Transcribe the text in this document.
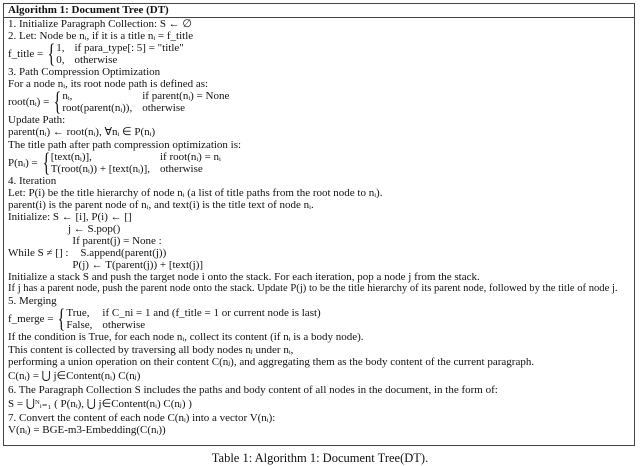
Algorithm 1: Document Tree (DT)
1. Initialize Paragraph Collection: S ← ∅
2. Let: Node be nᵢ, if it is a title nᵢ = f_title
f_title = { 1, if para_type[: 5] = "title"
0, otherwise
3. Path Compression Optimization
For a node nᵢ, its root node path is defined as:
root(nᵢ) = { nᵢ,	if parent(nᵢ) = None
root(parent(nᵢ)), otherwise
Update Path:
parent(nᵢ) ← root(nᵢ), ∀nᵢ ∈ P(nᵢ)
The title path after path compression optimization is:
P(nᵢ) = { [text(nᵢ)],	if root(nᵢ) = nᵢ
T(root(nᵢ)) + [text(nᵢ)], otherwise
4. Iteration
Let: P(i) be the title hierarchy of node nᵢ (a list of title paths from the root node to nᵢ).
parent(i) is the parent node of nᵢ, and text(i) is the title text of node nᵢ.
Initialize: S ← [i], P(i) ← []
j ← S.pop()
While S ≠ [] :
If parent(j) = None :
S.append(parent(j))
P(j) ← T(parent(j)) + [text(j)]
Initialize a stack S and push the target node i onto the stack. For each iteration, pop a node j from the stack.
If j has a parent node, push the parent node onto the stack. Update P(j) to be the title hierarchy of its parent node, followed by the title of node j.
5. Merging
f_merge = { True, if C_ni = 1 and (f_title = 1 or current node is last)
False, otherwise
If the condition is True, for each node nᵢ, collect its content (if nᵢ is a body node).
This content is collected by traversing all body nodes nⱼ under nᵢ,
performing a union operation on their content C(nⱼ), and aggregating them as the body content of the current paragraph.
C(nᵢ) = ⋃ j∈Content(nᵢ) C(nⱼ)
6. The Paragraph Collection S includes the paths and body content of all nodes in the document, in the form of:
S = ⋃ᴺᵢ₌₁ ( P(nᵢ), ⋃ j∈Content(nᵢ) C(nⱼ) )
7. Convert the content of each node C(nᵢ) into a vector V(nᵢ):
V(nᵢ) = BGE-m3-Embedding(C(nᵢ))
Table 1: Algorithm 1: Document Tree(DT).
